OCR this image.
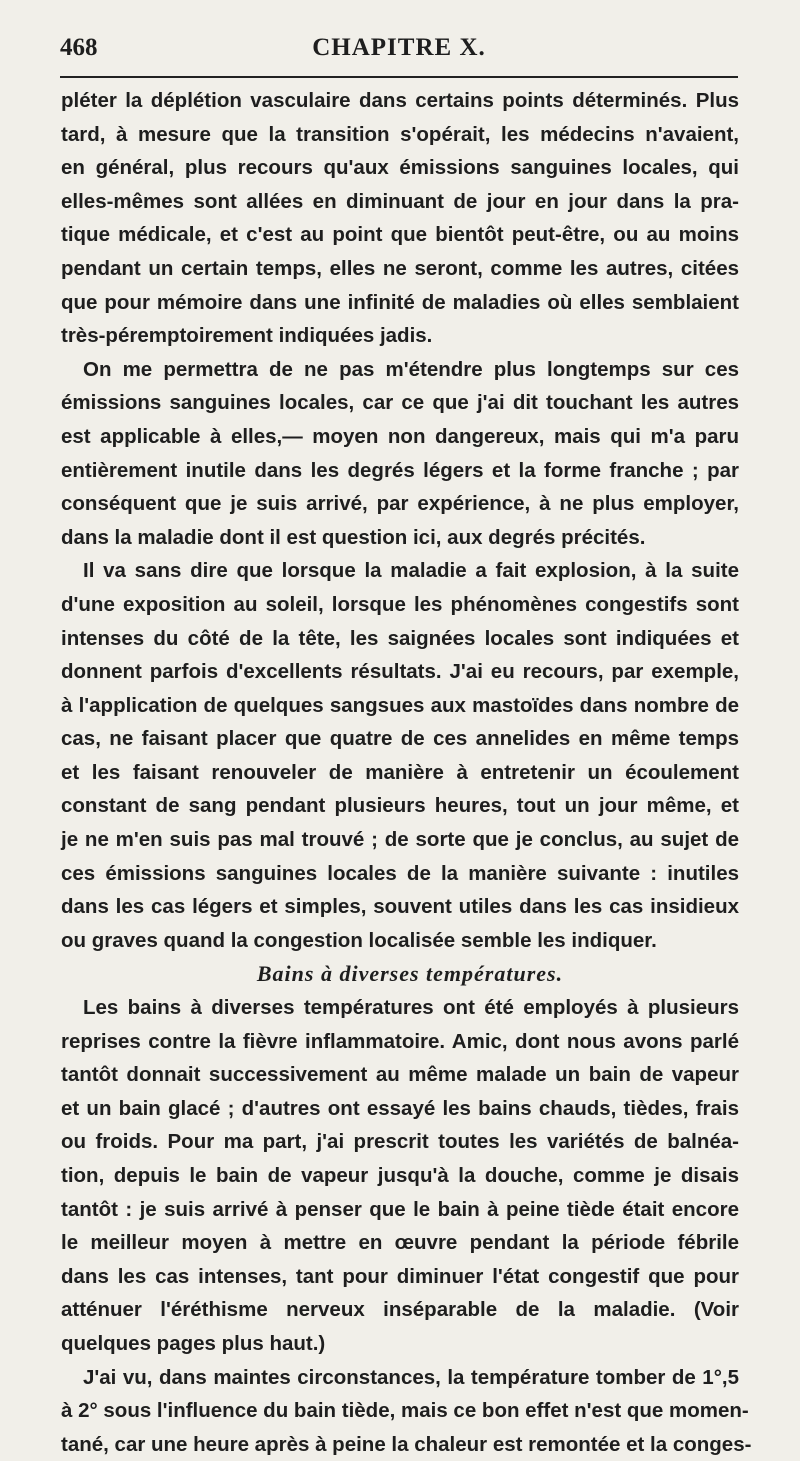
468	CHAPITRE X.
pléter la déplétion vasculaire dans certains points déterminés. Plus
tard, à mesure que la transition s'opérait, les médecins n'avaient,
en général, plus recours qu'aux émissions sanguines locales, qui
elles-mêmes sont allées en diminuant de jour en jour dans la pra-
tique médicale, et c'est au point que bientôt peut-être, ou au moins
pendant un certain temps, elles ne seront, comme les autres, citées
que pour mémoire dans une infinité de maladies où elles semblaient
très-péremptoirement indiquées jadis.
On me permettra de ne pas m'étendre plus longtemps sur ces
émissions sanguines locales, car ce que j'ai dit touchant les autres
est applicable à elles,— moyen non dangereux, mais qui m'a paru
entièrement inutile dans les degrés légers et la forme franche ; par
conséquent que je suis arrivé, par expérience, à ne plus employer,
dans la maladie dont il est question ici, aux degrés précités.
Il va sans dire que lorsque la maladie a fait explosion, à la suite
d'une exposition au soleil, lorsque les phénomènes congestifs sont
intenses du côté de la tête, les saignées locales sont indiquées et
donnent parfois d'excellents résultats. J'ai eu recours, par exemple,
à l'application de quelques sangsues aux mastoïdes dans nombre de
cas, ne faisant placer que quatre de ces annelides en même temps
et les faisant renouveler de manière à entretenir un écoulement
constant de sang pendant plusieurs heures, tout un jour même, et
je ne m'en suis pas mal trouvé ; de sorte que je conclus, au sujet de
ces émissions sanguines locales de la manière suivante : inutiles
dans les cas légers et simples, souvent utiles dans les cas insidieux
ou graves quand la congestion localisée semble les indiquer.
Bains à diverses températures.
Les bains à diverses températures ont été employés à plusieurs
reprises contre la fièvre inflammatoire. Amic, dont nous avons parlé
tantôt donnait successivement au même malade un bain de vapeur
et un bain glacé ; d'autres ont essayé les bains chauds, tièdes, frais
ou froids. Pour ma part, j'ai prescrit toutes les variétés de balnéa-
tion, depuis le bain de vapeur jusqu'à la douche, comme je disais
tantôt : je suis arrivé à penser que le bain à peine tiède était encore
le meilleur moyen à mettre en œuvre pendant la période fébrile
dans les cas intenses, tant pour diminuer l'état congestif que pour
atténuer l'éréthisme nerveux inséparable de la maladie. (Voir
quelques pages plus haut.)
J'ai vu, dans maintes circonstances, la température tomber de 1°,5
à 2° sous l'influence du bain tiède, mais ce bon effet n'est que momen-
tané, car une heure après à peine la chaleur est remontée et la conges-
